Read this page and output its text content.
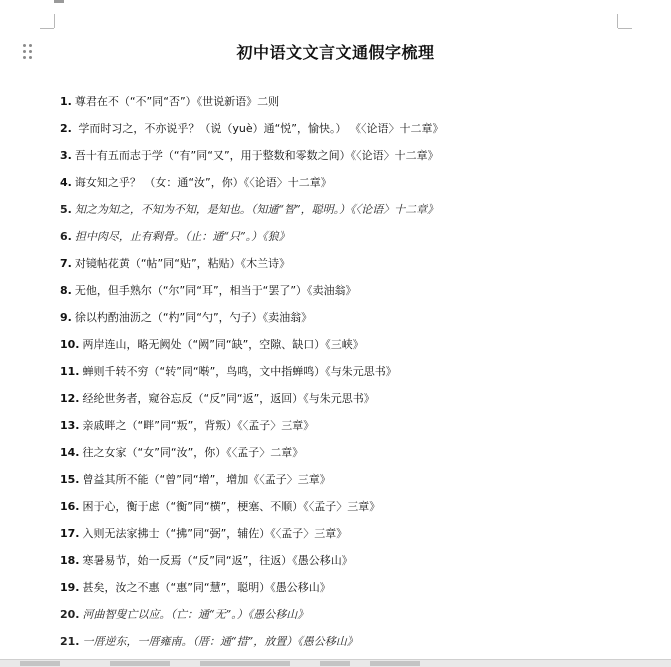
初中语文文言文通假字梳理
1. 尊君在不（“不”同“否”）《世说新语》二则
2. 学而时习之，不亦说乎？（说（yuè）通“悦”，愉快。） 《〈论语〉十二章》
3. 吾十有五而志于学（“有”同“又”，用于整数和零数之间）《〈论语〉十二章》
4. 诲女知之乎？ （女：通“汝”，你）《〈论语〉十二章》
5. 知之为知之，不知为不知，是知也。（知通“智”，聪明。）《〈论语〉十二章》
6. 担中肉尽，止有剩骨。（止：通“只”。）《狼》
7. 对镜帖花黄（“帖”同“贴”，粘贴）《木兰诗》
8. 无他，但手熟尔（“尔”同“耳”，相当于“罢了”）《卖油翁》
9. 徐以杓酌油沥之（“杓”同“勺”，勺子）《卖油翁》
10. 两岸连山，略无阙处（“阙”同“缺”，空隙、缺口）《三峡》
11. 蝉则千转不穷（“转”同“啭”，鸟鸣，文中指蝉鸣）《与朱元思书》
12. 经纶世务者，窥谷忘反（“反”同“返”，返回）《与朱元思书》
13. 亲戚畔之（“畔”同“叛”，背叛）《〈孟子〉三章》
14. 往之女家（“女”同“汝”，你）《〈孟子〉二章》
15. 曾益其所不能（“曾”同“增”，增加《〈孟子〉三章》
16. 困于心，衡于虑（“衡”同“横”，梗塞、不顺）《〈孟子〉三章》
17. 入则无法家拂士（“拂”同“弼”，辅佐）《〈孟子〉三章》
18. 寒暑易节，始一反焉（“反”同“返”，往返）《愚公移山》
19. 甚矣，汝之不惠（“惠”同“慧”，聪明）《愚公移山》
20. 河曲智叟亡以应。（亡：通“无”。）《愚公移山》
21. 一厝逆东，一厝雍南。（厝：通“措”，放置）《愚公移山》
